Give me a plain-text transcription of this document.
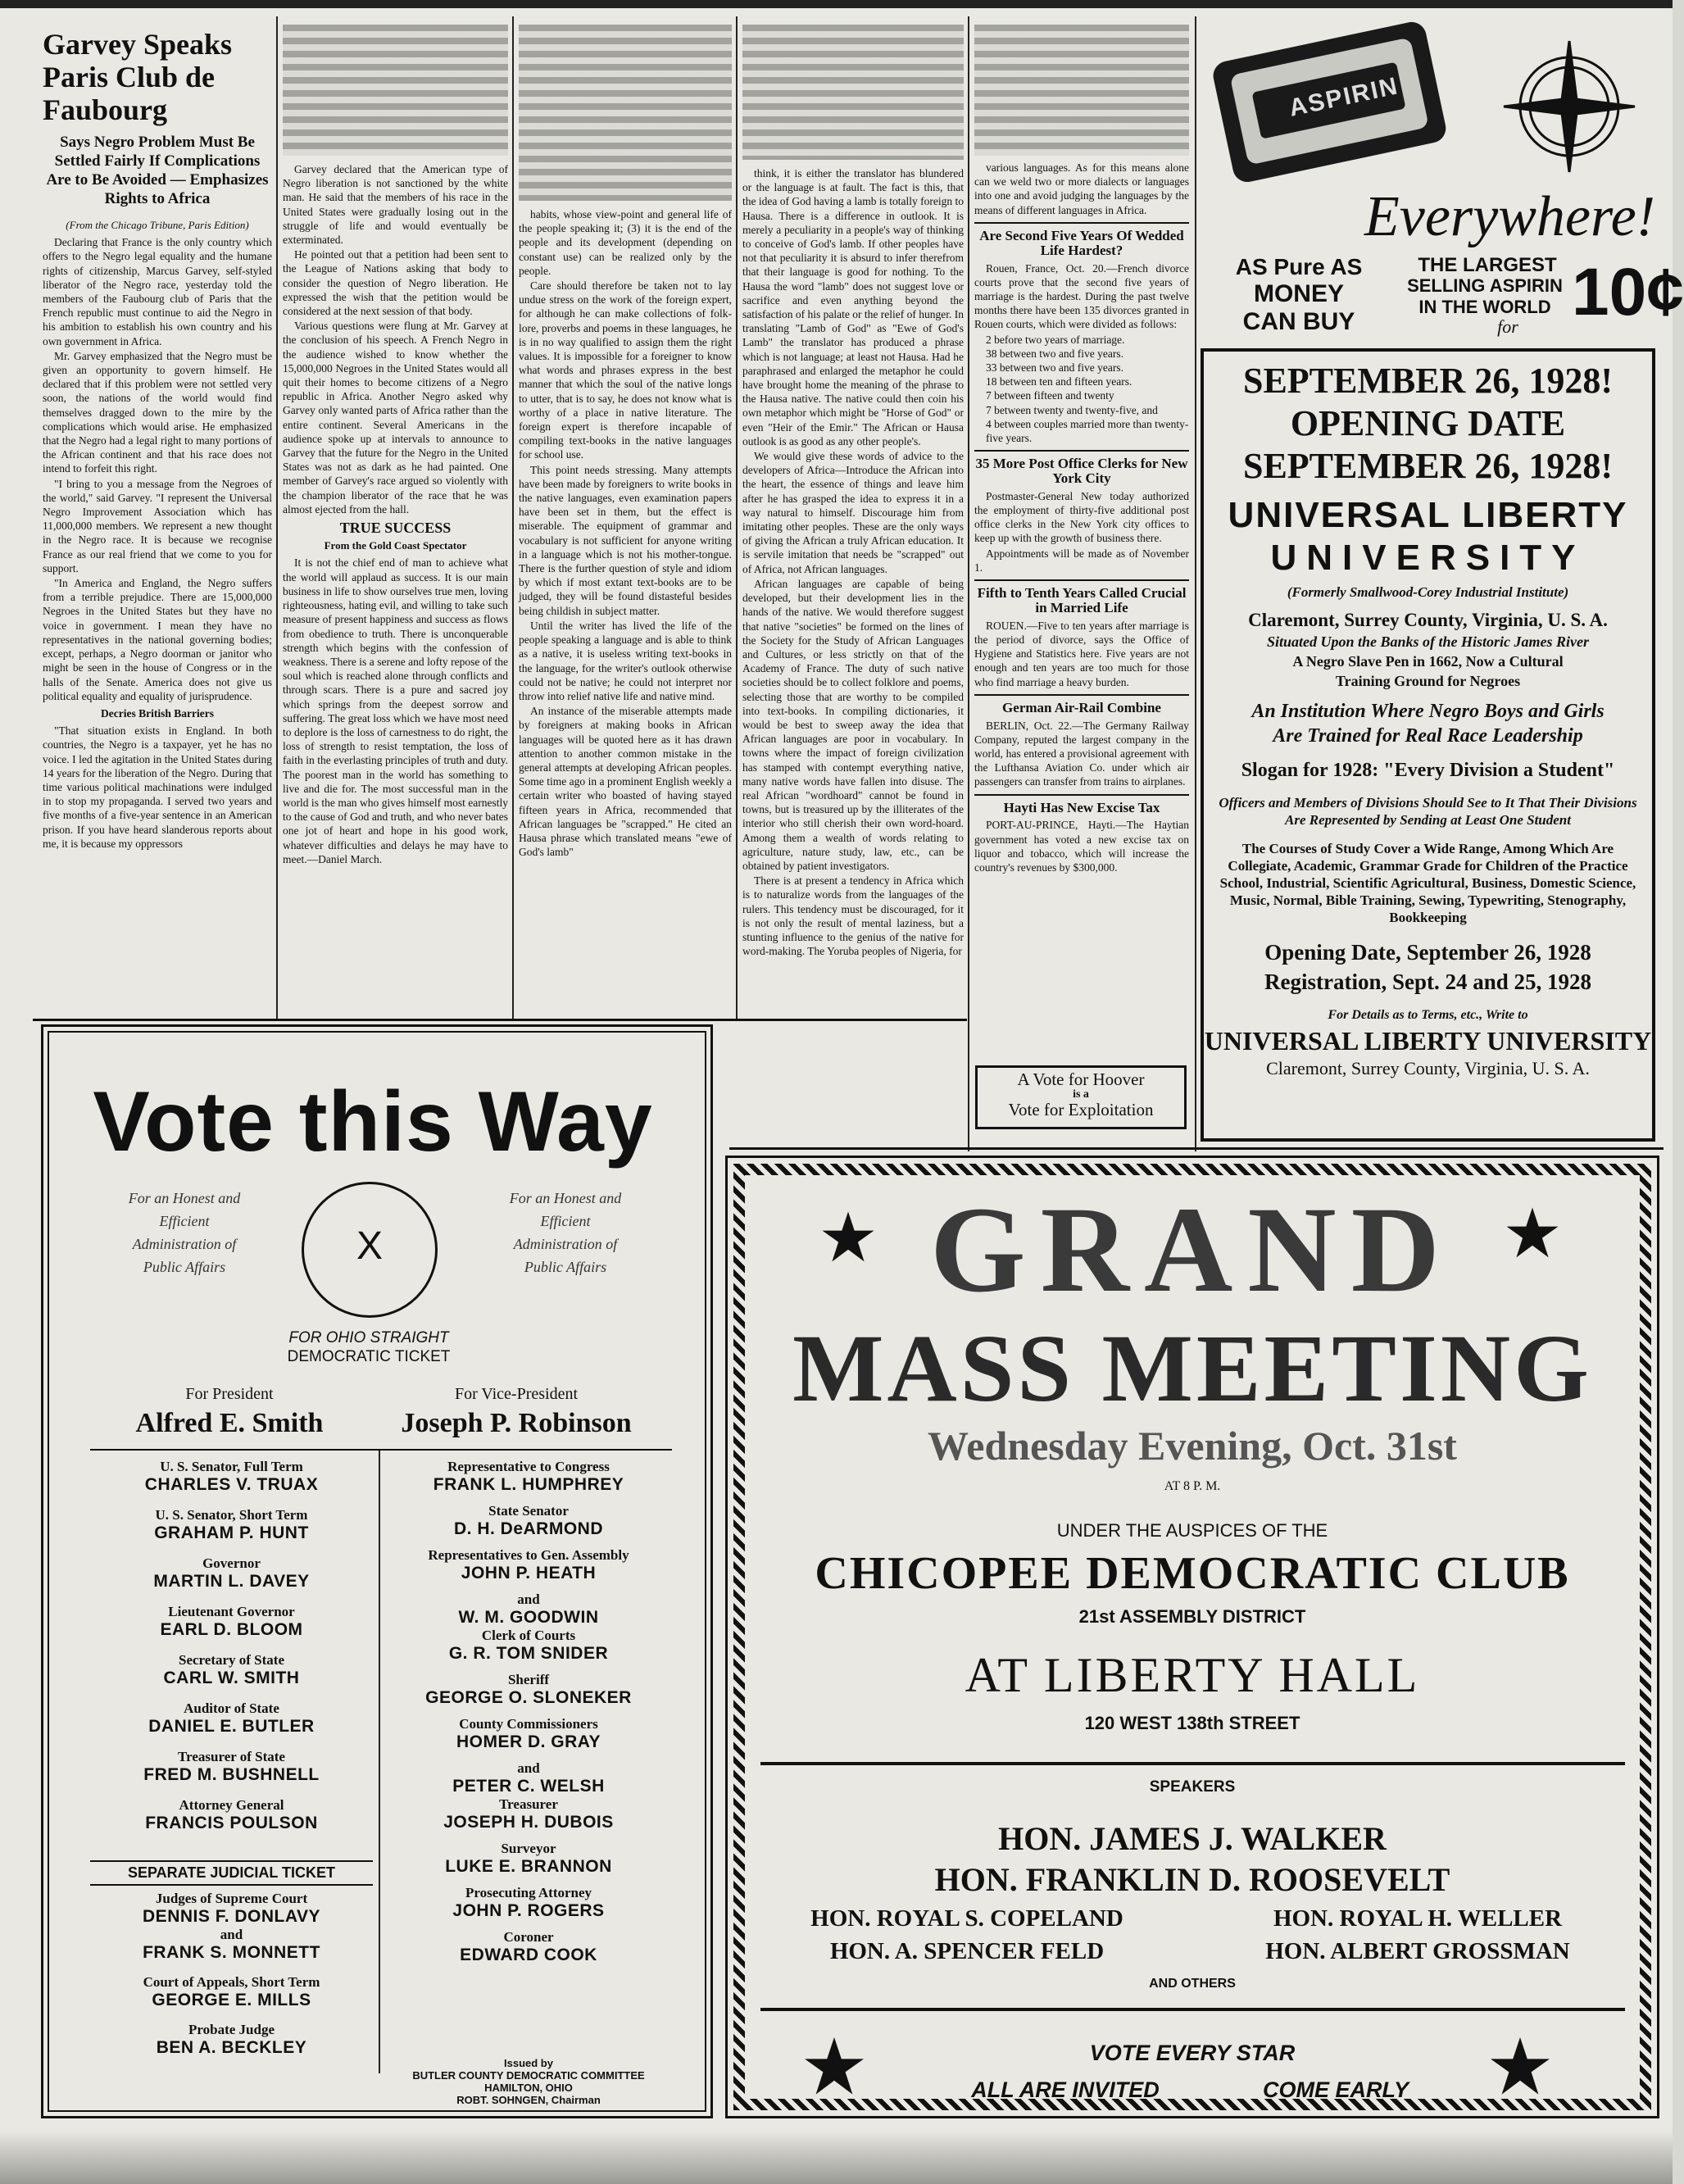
Garvey Speaks Paris Club de Faubourg
Says Negro Problem Must Be Settled Fairly If Complications Are to Be Avoided — Emphasizes Rights to Africa
(From the Chicago Tribune, Paris Edition)

Declaring that France is the only country which offers to the Negro legal equality and the humane rights of citizenship, Marcus Garvey, self-styled liberator of the Negro race, yesterday told the members of the Faubourg club of Paris that the French republic must continue to aid the Negro in his ambition to establish his own country and his own government in Africa.

Mr. Garvey emphasized that the Negro must be given an opportunity to govern himself. He declared that if this problem were not settled very soon, the nations of the world would find themselves dragged down to the mire by the complications which would arise. He emphasized that the Negro had a legal right to many portions of the African continent and that his race does not intend to forfeit this right.

"I bring to you a message from the Negroes of the world," said Garvey. "I represent the Universal Negro Improvement Association which has 11,000,000 members. We represent a new thought in the Negro race. It is because we recognise France as our real friend that we come to you for support.

"In America and England, the Negro suffers from a terrible prejudice. There are 15,000,000 Negroes in the United States but they have no voice in government. I mean they have no representatives in the national governing bodies; except, perhaps, a Negro doorman or janitor who might be seen in the house of Congress or in the halls of the Senate. America does not give us political equality and equality of jurisprudence.

Decries British Barriers

"That situation exists in England. In both countries, the Negro is a taxpayer, yet he has no voice. I led the agitation in the United States during 14 years for the liberation of the Negro. During that time various political machinations were indulged in to stop my propaganda. I served two years and five months of a five-year sentence in an American prison. If you have heard slanderous reports about me, it is because my oppressors

Garvey declared that the American type of Negro liberation is not sanctioned by the white man. He said that the members of his race in the United States were gradually losing out in the struggle of life and would eventually be exterminated.

He pointed out that a petition had been sent to the League of Nations asking that body to consider the question of Negro liberation. He expressed the wish that the petition would be considered at the next session of that body.

Various questions were flung at Mr. Garvey at the conclusion of his speech. A French Negro in the audience wished to know whether the 15,000,000 Negroes in the United States would all quit their homes to become citizens of a Negro republic in Africa. Another Negro asked why Garvey only wanted parts of Africa rather than the entire continent. Several Americans in the audience spoke up at intervals to announce to Garvey that the future for the Negro in the United States was not as dark as he had painted. One member of Garvey's race argued so violently with the champion liberator of the race that he was almost ejected from the hall.

TRUE SUCCESS
From the Gold Coast Spectator

It is not the chief end of man to achieve what the world will applaud as success. It is our main business in life to show ourselves true men, loving righteousness, hating evil, and willing to take such measure of present happiness and success as flows from obedience to truth. There is unconquerable strength which begins with the confession of weakness. There is a serene and lofty repose of the soul which is reached alone through conflicts and through scars. There is a pure and sacred joy which springs from the deepest sorrow and suffering. The great loss which we have most need to deplore is the loss of carnestness to do right, the loss of strength to resist temptation, the loss of faith in the everlasting principles of truth and duty. The poorest man in the world has something to live and die for. The most successful man in the world is the man who gives himself most earnestly to the cause of God and truth, and who never bates one jot of heart and hope in his good work, whatever difficulties and delays he may have to meet.—Daniel March.

habits, whose view-point and general life of the people speaking it; (3) it is the end of the people and its development (depending on constant use) can be realized only by the people.

Care should therefore be taken not to lay undue stress on the work of the foreign expert, for although he can make collections of folk-lore, proverbs and poems in these languages, he is in no way qualified to assign them the right values. It is impossible for a foreigner to know what words and phrases express in the best manner that which the soul of the native longs to utter, that is to say, he does not know what is worthy of a place in native literature. The foreign expert is therefore incapable of compiling text-books in the native languages for school use.

This point needs stressing. Many attempts have been made by foreigners to write books in the native languages, even examination papers have been set in them, but the effect is miserable. The equipment of grammar and vocabulary is not sufficient for anyone writing in a language which is not his mother-tongue. There is the further question of style and idiom by which if most extant text-books are to be judged, they will be found distasteful besides being childish in subject matter.

Until the writer has lived the life of the people speaking a language and is able to think as a native, it is useless writing text-books in the language, for the writer's outlook otherwise could not be native; he could not interpret nor throw into relief native life and native mind.

An instance of the miserable attempts made by foreigners at making books in African languages will be quoted here as it has drawn attention to another common mistake in the general attempts at developing African peoples. Some time ago in a prominent English weekly a certain writer who boasted of having stayed fifteen years in Africa, recommended that African languages be "scrapped." He cited an Hausa phrase which translated means "ewe of God's lamb"

think, it is either the translator has blundered or the language is at fault. The fact is this, that the idea of God having a lamb is totally foreign to Hausa. There is a difference in outlook. It is merely a peculiarity in a people's way of thinking to conceive of God's lamb. If other peoples have not that peculiarity it is absurd to infer therefrom that their language is good for nothing. To the Hausa the word "lamb" does not suggest love or sacrifice and even anything beyond the satisfaction of his palate or the relief of hunger. In translating "Lamb of God" as "Ewe of God's Lamb" the translator has produced a phrase which is not language; at least not Hausa. Had he paraphrased and enlarged the metaphor he could have brought home the meaning of the phrase to the Hausa native. The native could then coin his own metaphor which might be "Horse of God" or even "Heir of the Emir." The African or Hausa outlook is as good as any other people's.

We would give these words of advice to the developers of Africa—Introduce the African into the heart, the essence of things and leave him after he has grasped the idea to express it in a way natural to himself. Discourage him from imitating other peoples. These are the only ways of giving the African a truly African education. It is servile imitation that needs be "scrapped" out of Africa, not African languages.

African languages are capable of being developed, but their development lies in the hands of the native. We would therefore suggest that native "societies" be formed on the lines of the Society for the Study of African Languages and Cultures, or less strictly on that of the Academy of France. The duty of such native societies should be to collect folklore and poems, selecting those that are worthy to be compiled into text-books. In compiling dictionaries, it would be best to sweep away the idea that African languages are poor in vocabulary. In towns where the impact of foreign civilization has stamped with contempt everything native, many native words have fallen into disuse. The real African "wordhoard" cannot be found in towns, but is treasured up by the illiterates of the interior who still cherish their own word-hoard. Among them a wealth of words relating to agriculture, nature study, law, etc., can be obtained by patient investigators.

There is at present a tendency in Africa which is to naturalize words from the languages of the rulers. This tendency must be discouraged, for it is not only the result of mental laziness, but a stunting influence to the genius of the native for word-making. The Yoruba peoples of Nigeria, for

various languages. As for this means alone can we weld two or more dialects or languages into one and avoid judging the languages by the means of different languages in Africa.

Are Second Five Years Of Wedded Life Hardest?

Rouen, France, Oct. 20.—French divorce courts prove that the second five years of marriage is the hardest. During the past twelve months there have been 135 divorces granted in Rouen courts, which were divided as follows:

2 before two years of marriage.
38 between two and five years.
33 between two and five years.
18 between ten and fifteen years.
7 between fifteen and twenty
7 between twenty and twenty-five, and
4 between couples married more than twenty-five years.
35 More Post Office Clerks for New York City

Postmaster-General New today authorized the employment of thirty-five additional post office clerks in the New York city offices to keep up with the growth of business there.

Appointments will be made as of November 1.

Fifth to Tenth Years Called Crucial in Married Life

ROUEN.—Five to ten years after marriage is the period of divorce, says the Office of Hygiene and Statistics here. Five years are not enough and ten years are too much for those who find marriage a heavy burden.

German Air-Rail Combine

BERLIN, Oct. 22.—The Germany Railway Company, reputed the largest company in the world, has entered a provisional agreement with the Lufthansa Aviation Co. under which air passengers can transfer from trains to airplanes.

Hayti Has New Excise Tax

PORT-AU-PRINCE, Hayti.—The Haytian government has voted a new excise tax on liquor and tobacco, which will increase the country's revenues by $300,000.

A Vote for Hoover
is a
Vote for Exploitation
ASPIRIN
Everywhere!
AS Pure AS
MONEY
CAN BUY
THE LARGEST
SELLING ASPIRIN
IN THE WORLD
for 10¢
SEPTEMBER 26, 1928!
OPENING DATE
SEPTEMBER 26, 1928!
UNIVERSAL LIBERTY
UNIVERSITY
(Formerly Smallwood-Corey Industrial Institute)
Claremont, Surrey County, Virginia, U. S. A.
Situated Upon the Banks of the Historic James River
A Negro Slave Pen in 1662, Now a Cultural
Training Ground for Negroes
An Institution Where Negro Boys and Girls
Are Trained for Real Race Leadership
Slogan for 1928: "Every Division a Student"
Officers and Members of Divisions Should See to It That Their Divisions Are Represented by Sending at Least One Student
The Courses of Study Cover a Wide Range, Among Which Are Collegiate, Academic, Grammar Grade for Children of the Practice School, Industrial, Scientific Agricultural, Business, Domestic Science, Music, Normal, Bible Training, Sewing, Typewriting, Stenography, Bookkeeping
Opening Date, September 26, 1928
Registration, Sept. 24 and 25, 1928
For Details as to Terms, etc., Write to
UNIVERSAL LIBERTY UNIVERSITY
Claremont, Surrey County, Virginia, U. S. A.
Vote this Way
For an Honest and Efficient Administration of Public Affairs
For an Honest and Efficient Administration of Public Affairs
X
FOR OHIO STRAIGHT
DEMOCRATIC TICKET
For President
Alfred E. Smith
For Vice-President
Joseph P. Robinson
U. S. Senator, Full Term
CHARLES V. TRUAX
U. S. Senator, Short Term
GRAHAM P. HUNT
Governor
MARTIN L. DAVEY
Lieutenant Governor
EARL D. BLOOM
Secretary of State
CARL W. SMITH
Auditor of State
DANIEL E. BUTLER
Treasurer of State
FRED M. BUSHNELL
Attorney General
FRANCIS POULSON
SEPARATE JUDICIAL TICKET
Judges of Supreme Court
DENNIS F. DONLAVY
and
FRANK S. MONNETT
Court of Appeals, Short Term
GEORGE E. MILLS
Probate Judge
BEN A. BECKLEY
Representative to Congress
FRANK L. HUMPHREY
State Senator
D. H. DeARMOND
Representatives to Gen. Assembly
JOHN P. HEATH
and
W. M. GOODWIN
Clerk of Courts
G. R. TOM SNIDER
Sheriff
GEORGE O. SLONEKER
County Commissioners
HOMER D. GRAY
and
PETER C. WELSH
Treasurer
JOSEPH H. DUBOIS
Surveyor
LUKE E. BRANNON
Prosecuting Attorney
JOHN P. ROGERS
Coroner
EDWARD COOK
Issued by
BUTLER COUNTY DEMOCRATIC COMMITTEE
HAMILTON, OHIO
ROBT. SOHNGEN, Chairman
GRAND
MASS MEETING
Wednesday Evening, Oct. 31st
AT 8 P. M.
UNDER THE AUSPICES OF THE
CHICOPEE DEMOCRATIC CLUB
21st ASSEMBLY DISTRICT
AT LIBERTY HALL
120 WEST 138th STREET
SPEAKERS
HON. JAMES J. WALKER
HON. FRANKLIN D. ROOSEVELT
HON. ROYAL S. COPELAND	HON. ROYAL H. WELLER
HON. A. SPENCER FELD	HON. ALBERT GROSSMAN
AND OTHERS
VOTE EVERY STAR
ALL ARE INVITED	COME EARLY
